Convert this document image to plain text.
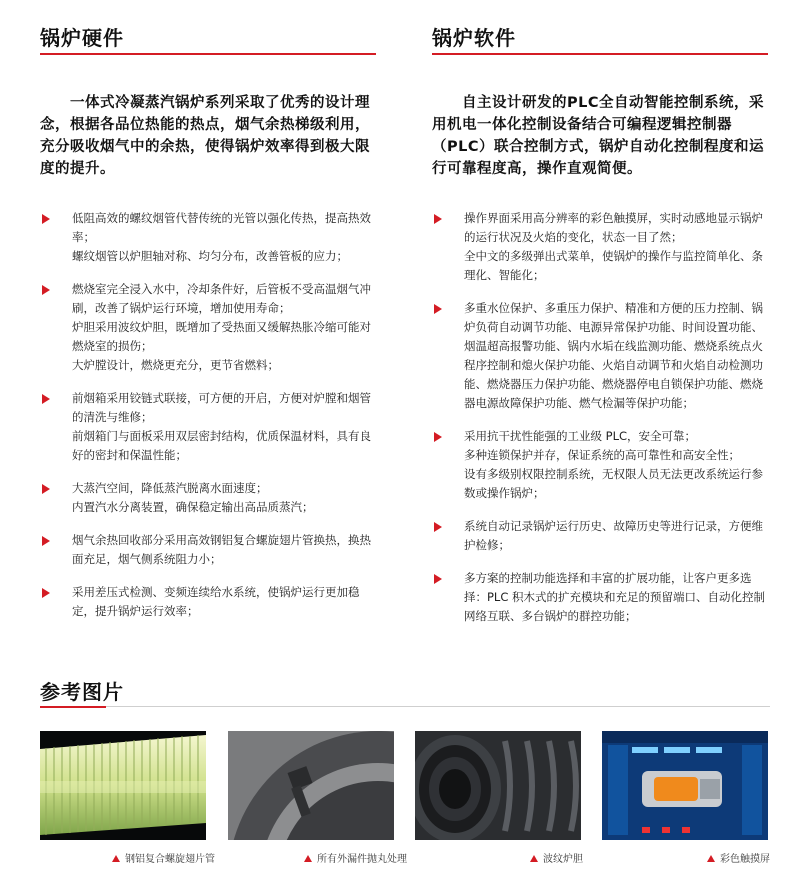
锅炉硬件

　　一体式冷凝蒸汽锅炉系列采取了优秀的设计理念，根据各品位热能的热点，烟气余热梯级利用，充分吸收烟气中的余热，使得锅炉效率得到极大限度的提升。

低阻高效的螺纹烟管代替传统的光管以强化传热，提高热效率；

螺纹烟管以炉胆轴对称、均匀分布，改善管板的应力；

燃烧室完全浸入水中，冷却条件好，后管板不受高温烟气冲刷，改善了锅炉运行环境，增加使用寿命；

炉胆采用波纹炉胆，既增加了受热面又缓解热胀冷缩可能对燃烧室的损伤；

大炉膛设计，燃烧更充分，更节省燃料；

前烟箱采用铰链式联接，可方便的开启，方便对炉膛和烟管的清洗与维修；

前烟箱门与面板采用双层密封结构，优质保温材料，具有良好的密封和保温性能；

大蒸汽空间，降低蒸汽脱离水面速度；

内置汽水分离装置，确保稳定输出高品质蒸汽；

烟气余热回收部分采用高效钢铝复合螺旋翅片管换热，换热面充足，烟气侧系统阻力小；

采用差压式检测、变频连续给水系统，使锅炉运行更加稳定，提升锅炉运行效率；

锅炉软件

　　自主设计研发的PLC全自动智能控制系统，采用机电一体化控制设备结合可编程逻辑控制器（PLC）联合控制方式，锅炉自动化控制程度和运行可靠程度高，操作直观简便。

操作界面采用高分辨率的彩色触摸屏，实时动感地显示锅炉的运行状况及火焰的变化，状态一目了然；

全中文的多级弹出式菜单，使锅炉的操作与监控简单化、条理化、智能化；

多重水位保护、多重压力保护、精准和方便的压力控制、锅炉负荷自动调节功能、电源异常保护功能、时间设置功能、烟温超高报警功能、锅内水垢在线监测功能、燃烧系统点火程序控制和熄火保护功能、火焰自动调节和火焰自动检测功能、燃烧器压力保护功能、燃烧器停电自锁保护功能、燃烧器电源故障保护功能、燃气检漏等保护功能；

采用抗干扰性能强的工业级 PLC，安全可靠；

多种连锁保护并存，保证系统的高可靠性和高安全性；

设有多级别权限控制系统，无权限人员无法更改系统运行参数或操作锅炉；

系统自动记录锅炉运行历史、故障历史等进行记录，方便维护检修；

多方案的控制功能选择和丰富的扩展功能，让客户更多选择：PLC 积木式的扩充模块和充足的预留端口、自动化控制网络互联、多台锅炉的群控功能；

参考图片
钢铝复合螺旋翅片管	所有外漏件抛丸处理	波纹炉胆	彩色触摸屏
